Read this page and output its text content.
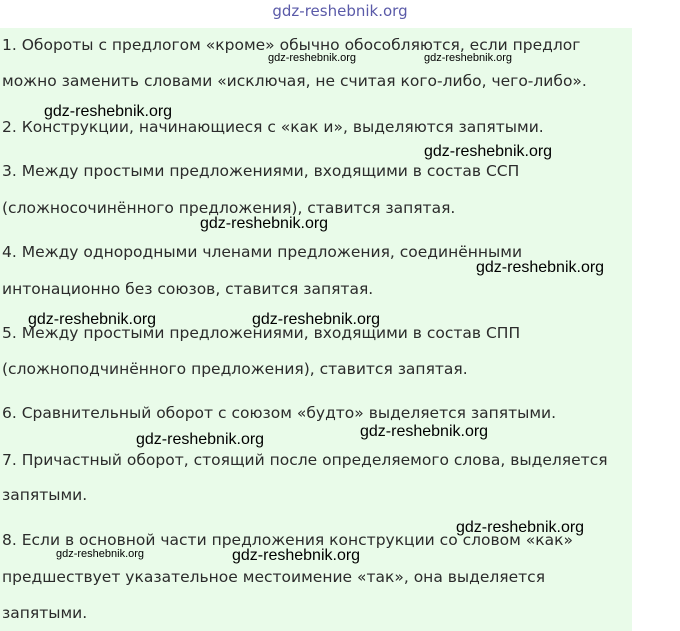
gdz-reshebnik.org
1. Обороты с предлогом «кроме» обычно обособляются, если предлог
можно заменить словами «исключая, не считая кого-либо, чего-либо».
2. Конструкции, начинающиеся с «как и», выделяются запятыми.
3. Между простыми предложениями, входящими в состав ССП
(сложносочинённого предложения), ставится запятая.
4. Между однородными членами предложения, соединёнными
интонационно без союзов, ставится запятая.
5. Между простыми предложениями, входящими в состав СПП
(сложноподчинённого предложения), ставится запятая.
6. Сравнительный оборот с союзом «будто» выделяется запятыми.
7. Причастный оборот, стоящий после определяемого слова, выделяется
запятыми.
8. Если в основной части предложения конструкции со словом «как»
предшествует указательное местоимение «так», она выделяется
запятыми.
gdz-reshebnik.org	gdz-reshebnik.org
gdz-reshebnik.org
gdz-reshebnik.org
gdz-reshebnik.org
gdz-reshebnik.org
gdz-reshebnik.org	gdz-reshebnik.org
gdz-reshebnik.org
gdz-reshebnik.org
gdz-reshebnik.org
gdz-reshebnik.org	gdz-reshebnik.org
